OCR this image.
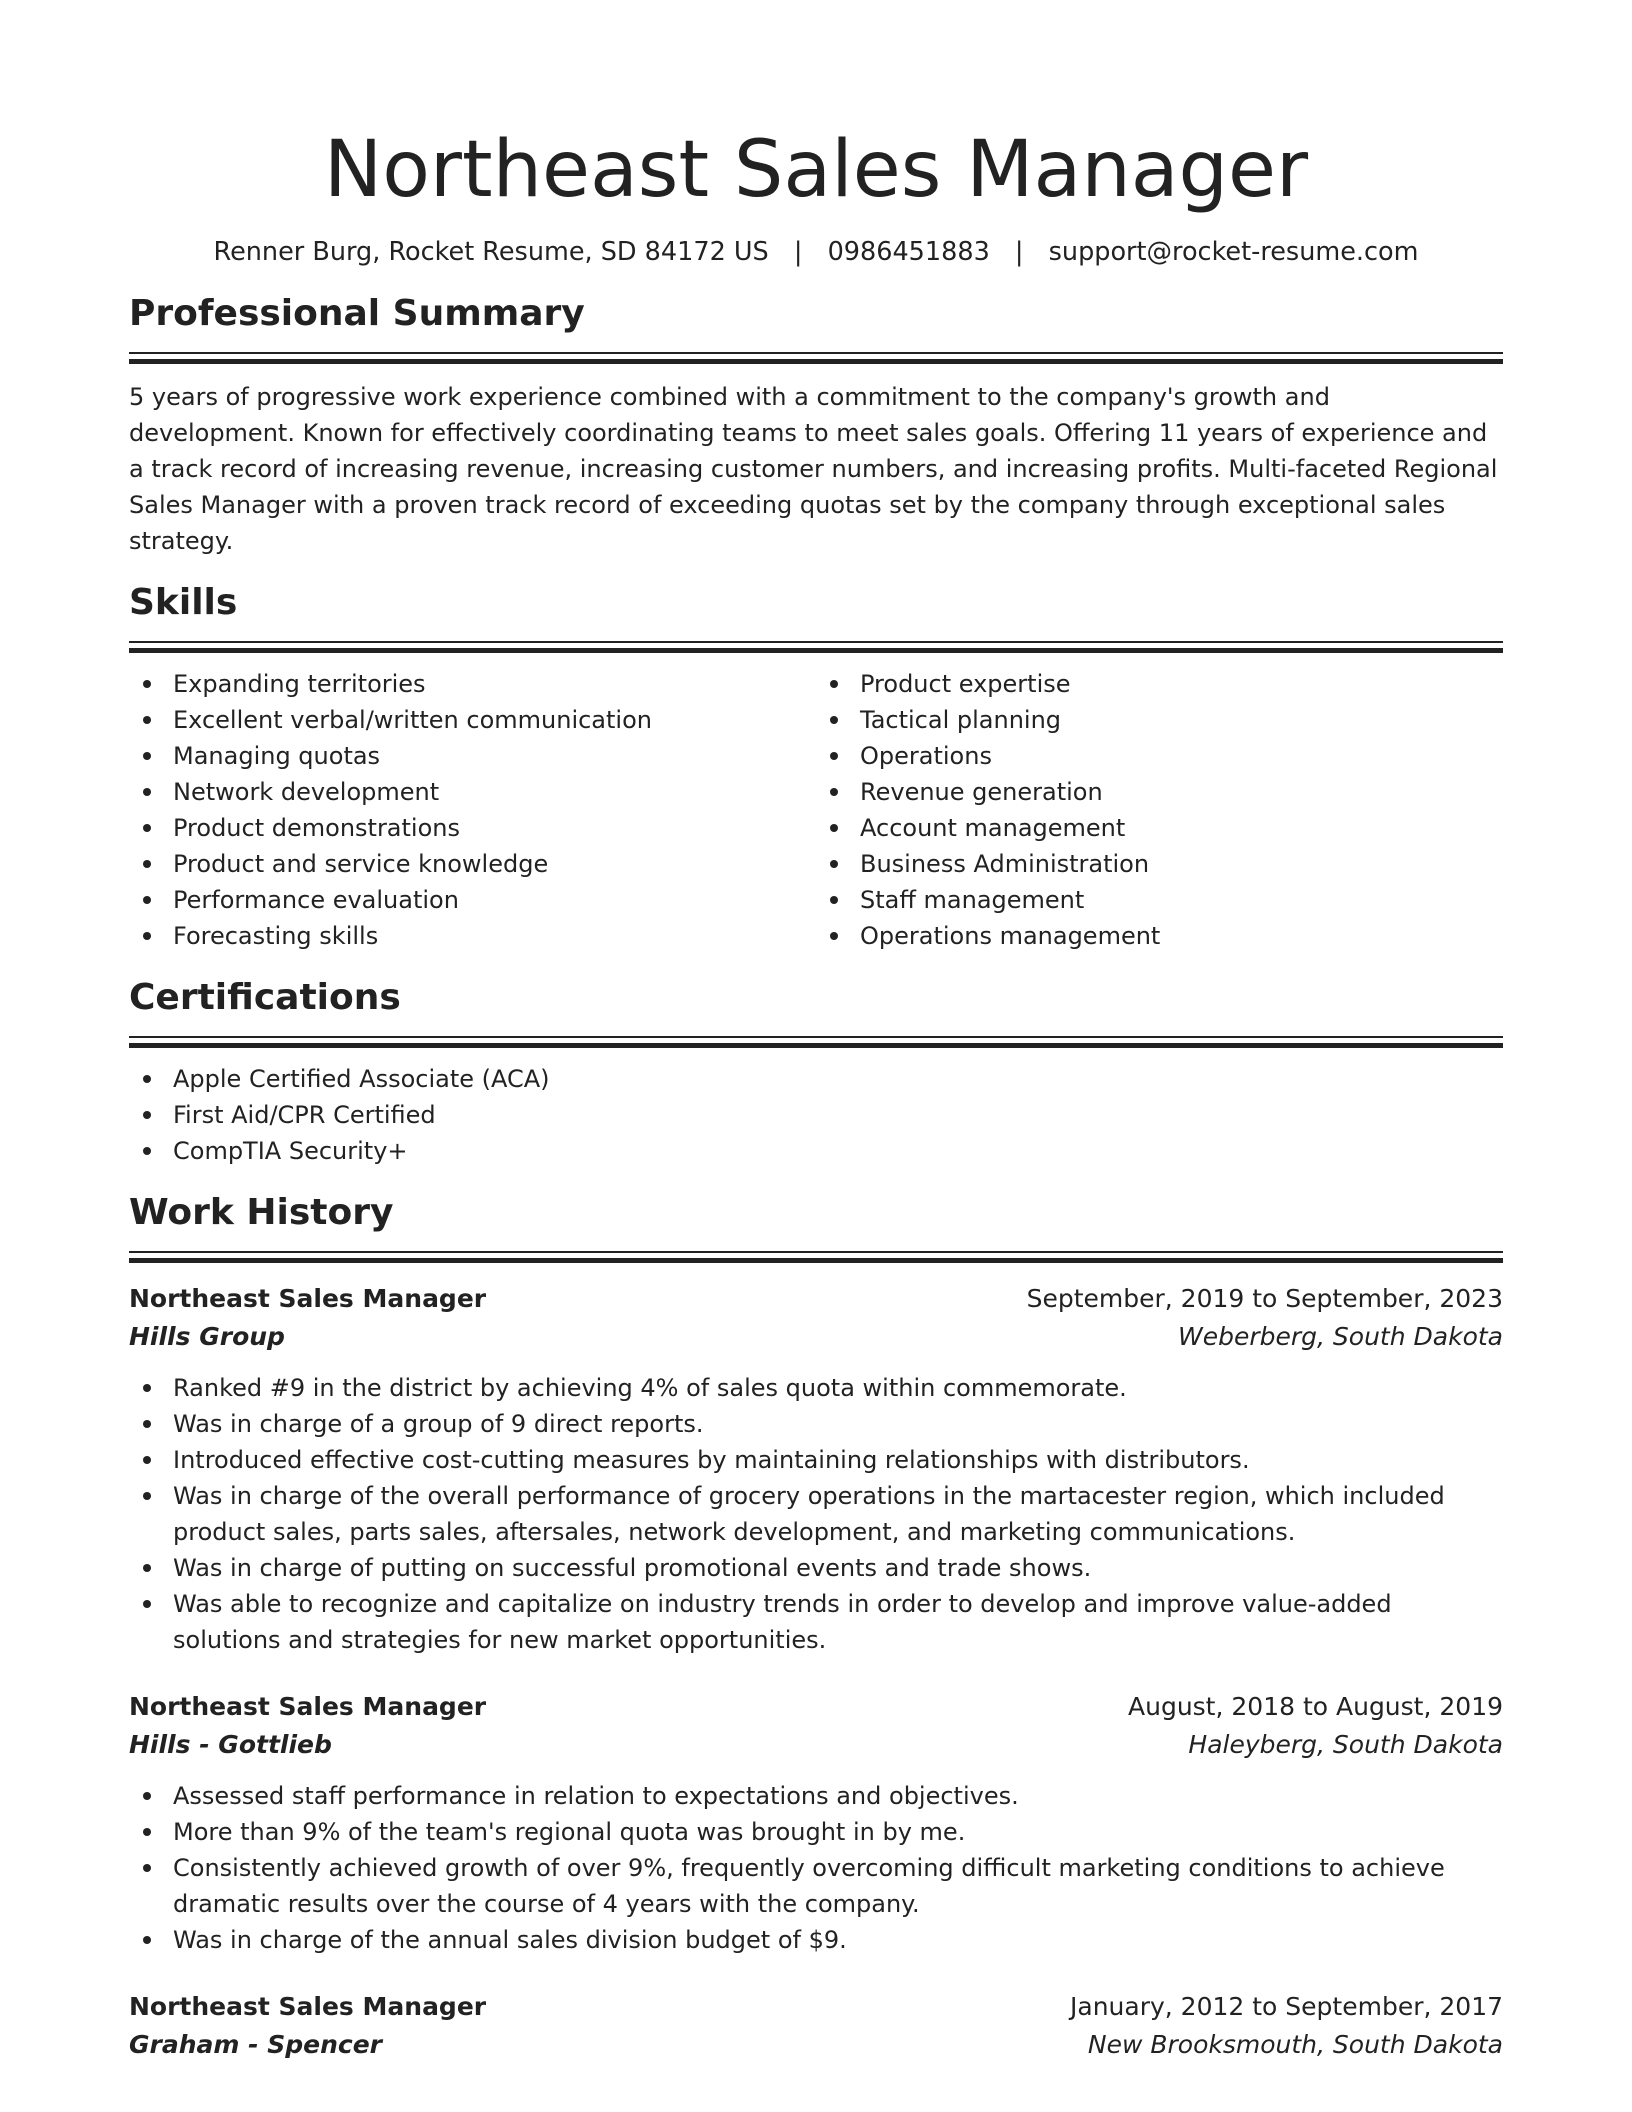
Northeast Sales Manager
Renner Burg, Rocket Resume, SD 84172 US | 0986451883 | support@rocket-resume.com
Professional Summary

5 years of progressive work experience combined with a commitment to the company's growth and development. Known for effectively coordinating teams to meet sales goals. Offering 11 years of experience and a track record of increasing revenue, increasing customer numbers, and increasing profits. Multi-faceted Regional Sales Manager with a proven track record of exceeding quotas set by the company through exceptional sales strategy.

Skills
Expanding territories
Excellent verbal/written communication
Managing quotas
Network development
Product demonstrations
Product and service knowledge
Performance evaluation
Forecasting skills
Product expertise
Tactical planning
Operations
Revenue generation
Account management
Business Administration
Staff management
Operations management
Certifications
Apple Certified Associate (ACA)
First Aid/CPR Certified
CompTIA Security+
Work History
Northeast Sales Manager	September, 2019 to September, 2023
Hills Group	Weberberg, South Dakota
Ranked #9 in the district by achieving 4% of sales quota within commemorate.
Was in charge of a group of 9 direct reports.
Introduced effective cost-cutting measures by maintaining relationships with distributors.
Was in charge of the overall performance of grocery operations in the martacester region, which included product sales, parts sales, aftersales, network development, and marketing communications.
Was in charge of putting on successful promotional events and trade shows.
Was able to recognize and capitalize on industry trends in order to develop and improve value-added solutions and strategies for new market opportunities.
Northeast Sales Manager	August, 2018 to August, 2019
Hills - Gottlieb	Haleyberg, South Dakota
Assessed staff performance in relation to expectations and objectives.
More than 9% of the team's regional quota was brought in by me.
Consistently achieved growth of over 9%, frequently overcoming difficult marketing conditions to achieve dramatic results over the course of 4 years with the company.
Was in charge of the annual sales division budget of $9.
Northeast Sales Manager	January, 2012 to September, 2017
Graham - Spencer	New Brooksmouth, South Dakota
